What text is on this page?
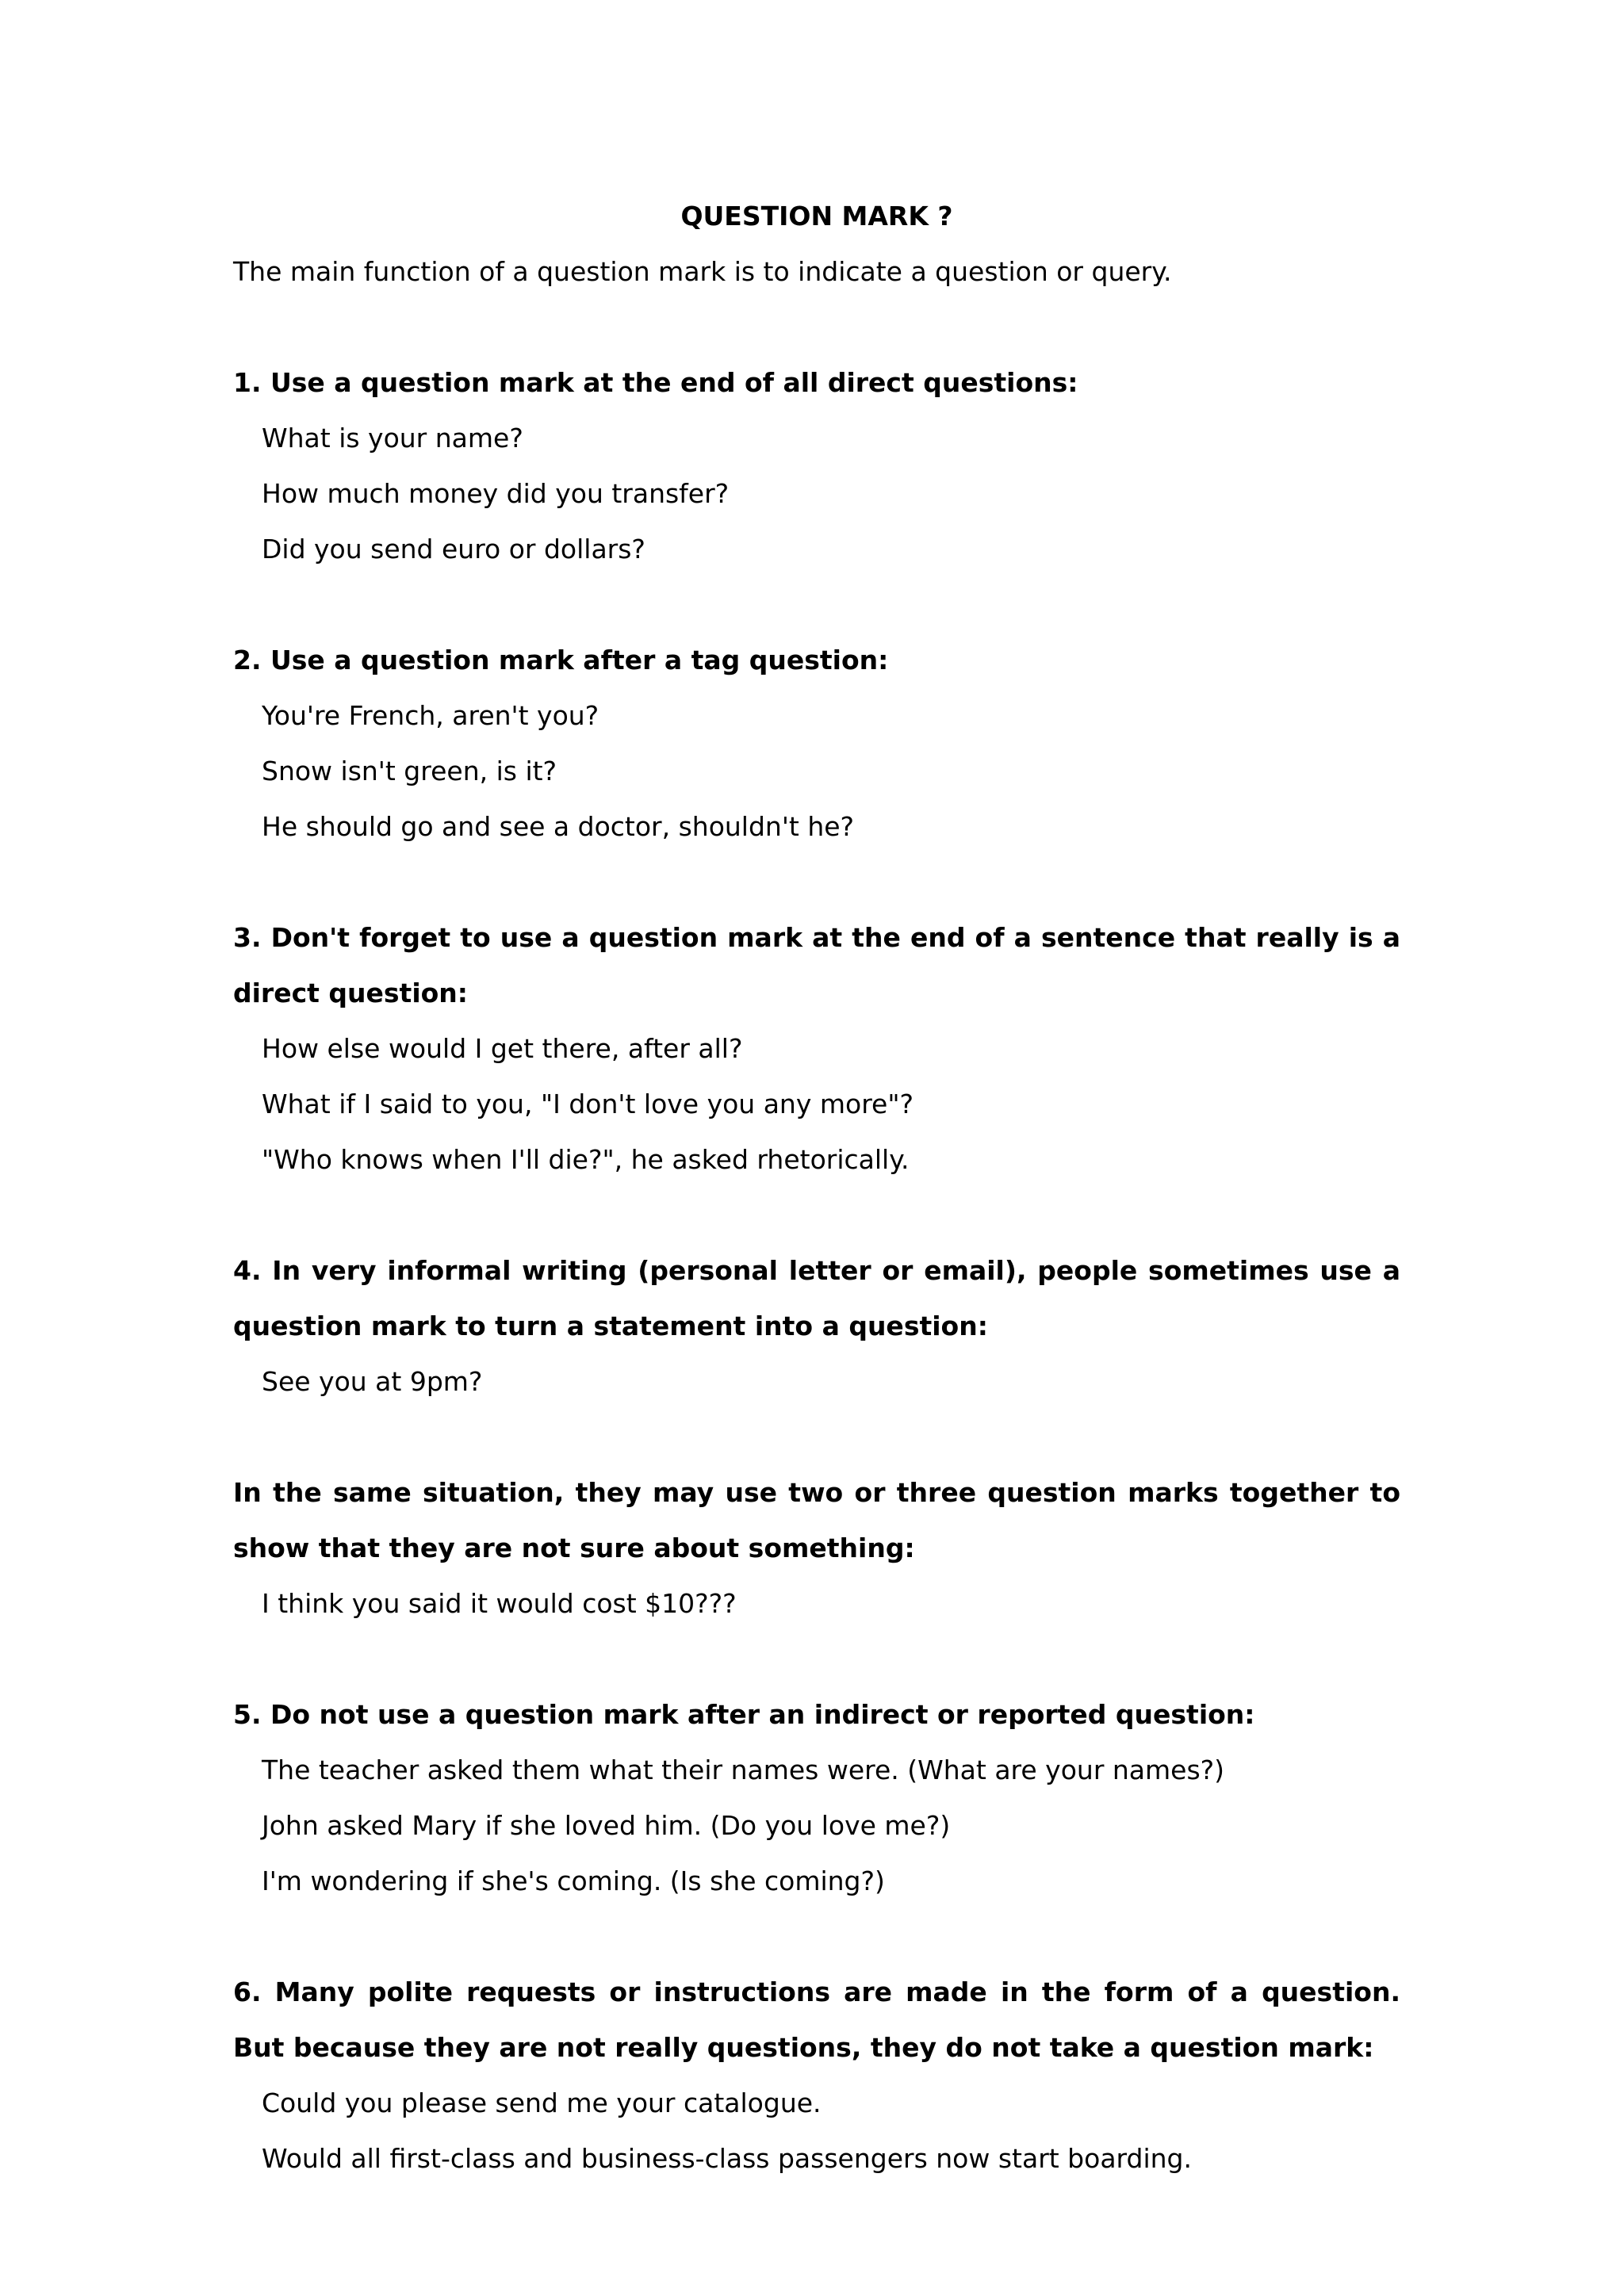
QUESTION MARK ?

The main function of a question mark is to indicate a question or query.

1. Use a question mark at the end of all direct questions:

What is your name?

How much money did you transfer?

Did you send euro or dollars?

2. Use a question mark after a tag question:

You're French, aren't you?

Snow isn't green, is it?

He should go and see a doctor, shouldn't he?

3. Don't forget to use a question mark at the end of a sentence that really is a direct question:

How else would I get there, after all?

What if I said to you, "I don't love you any more"?

"Who knows when I'll die?", he asked rhetorically.

4. In very informal writing (personal letter or email), people sometimes use a question mark to turn a statement into a question:

See you at 9pm?

In the same situation, they may use two or three question marks together to show that they are not sure about something:

I think you said it would cost $10???

5. Do not use a question mark after an indirect or reported question:

The teacher asked them what their names were. (What are your names?)

John asked Mary if she loved him. (Do you love me?)

I'm wondering if she's coming. (Is she coming?)

6. Many polite requests or instructions are made in the form of a question. But because they are not really questions, they do not take a question mark:

Could you please send me your catalogue.

Would all first-class and business-class passengers now start boarding.
